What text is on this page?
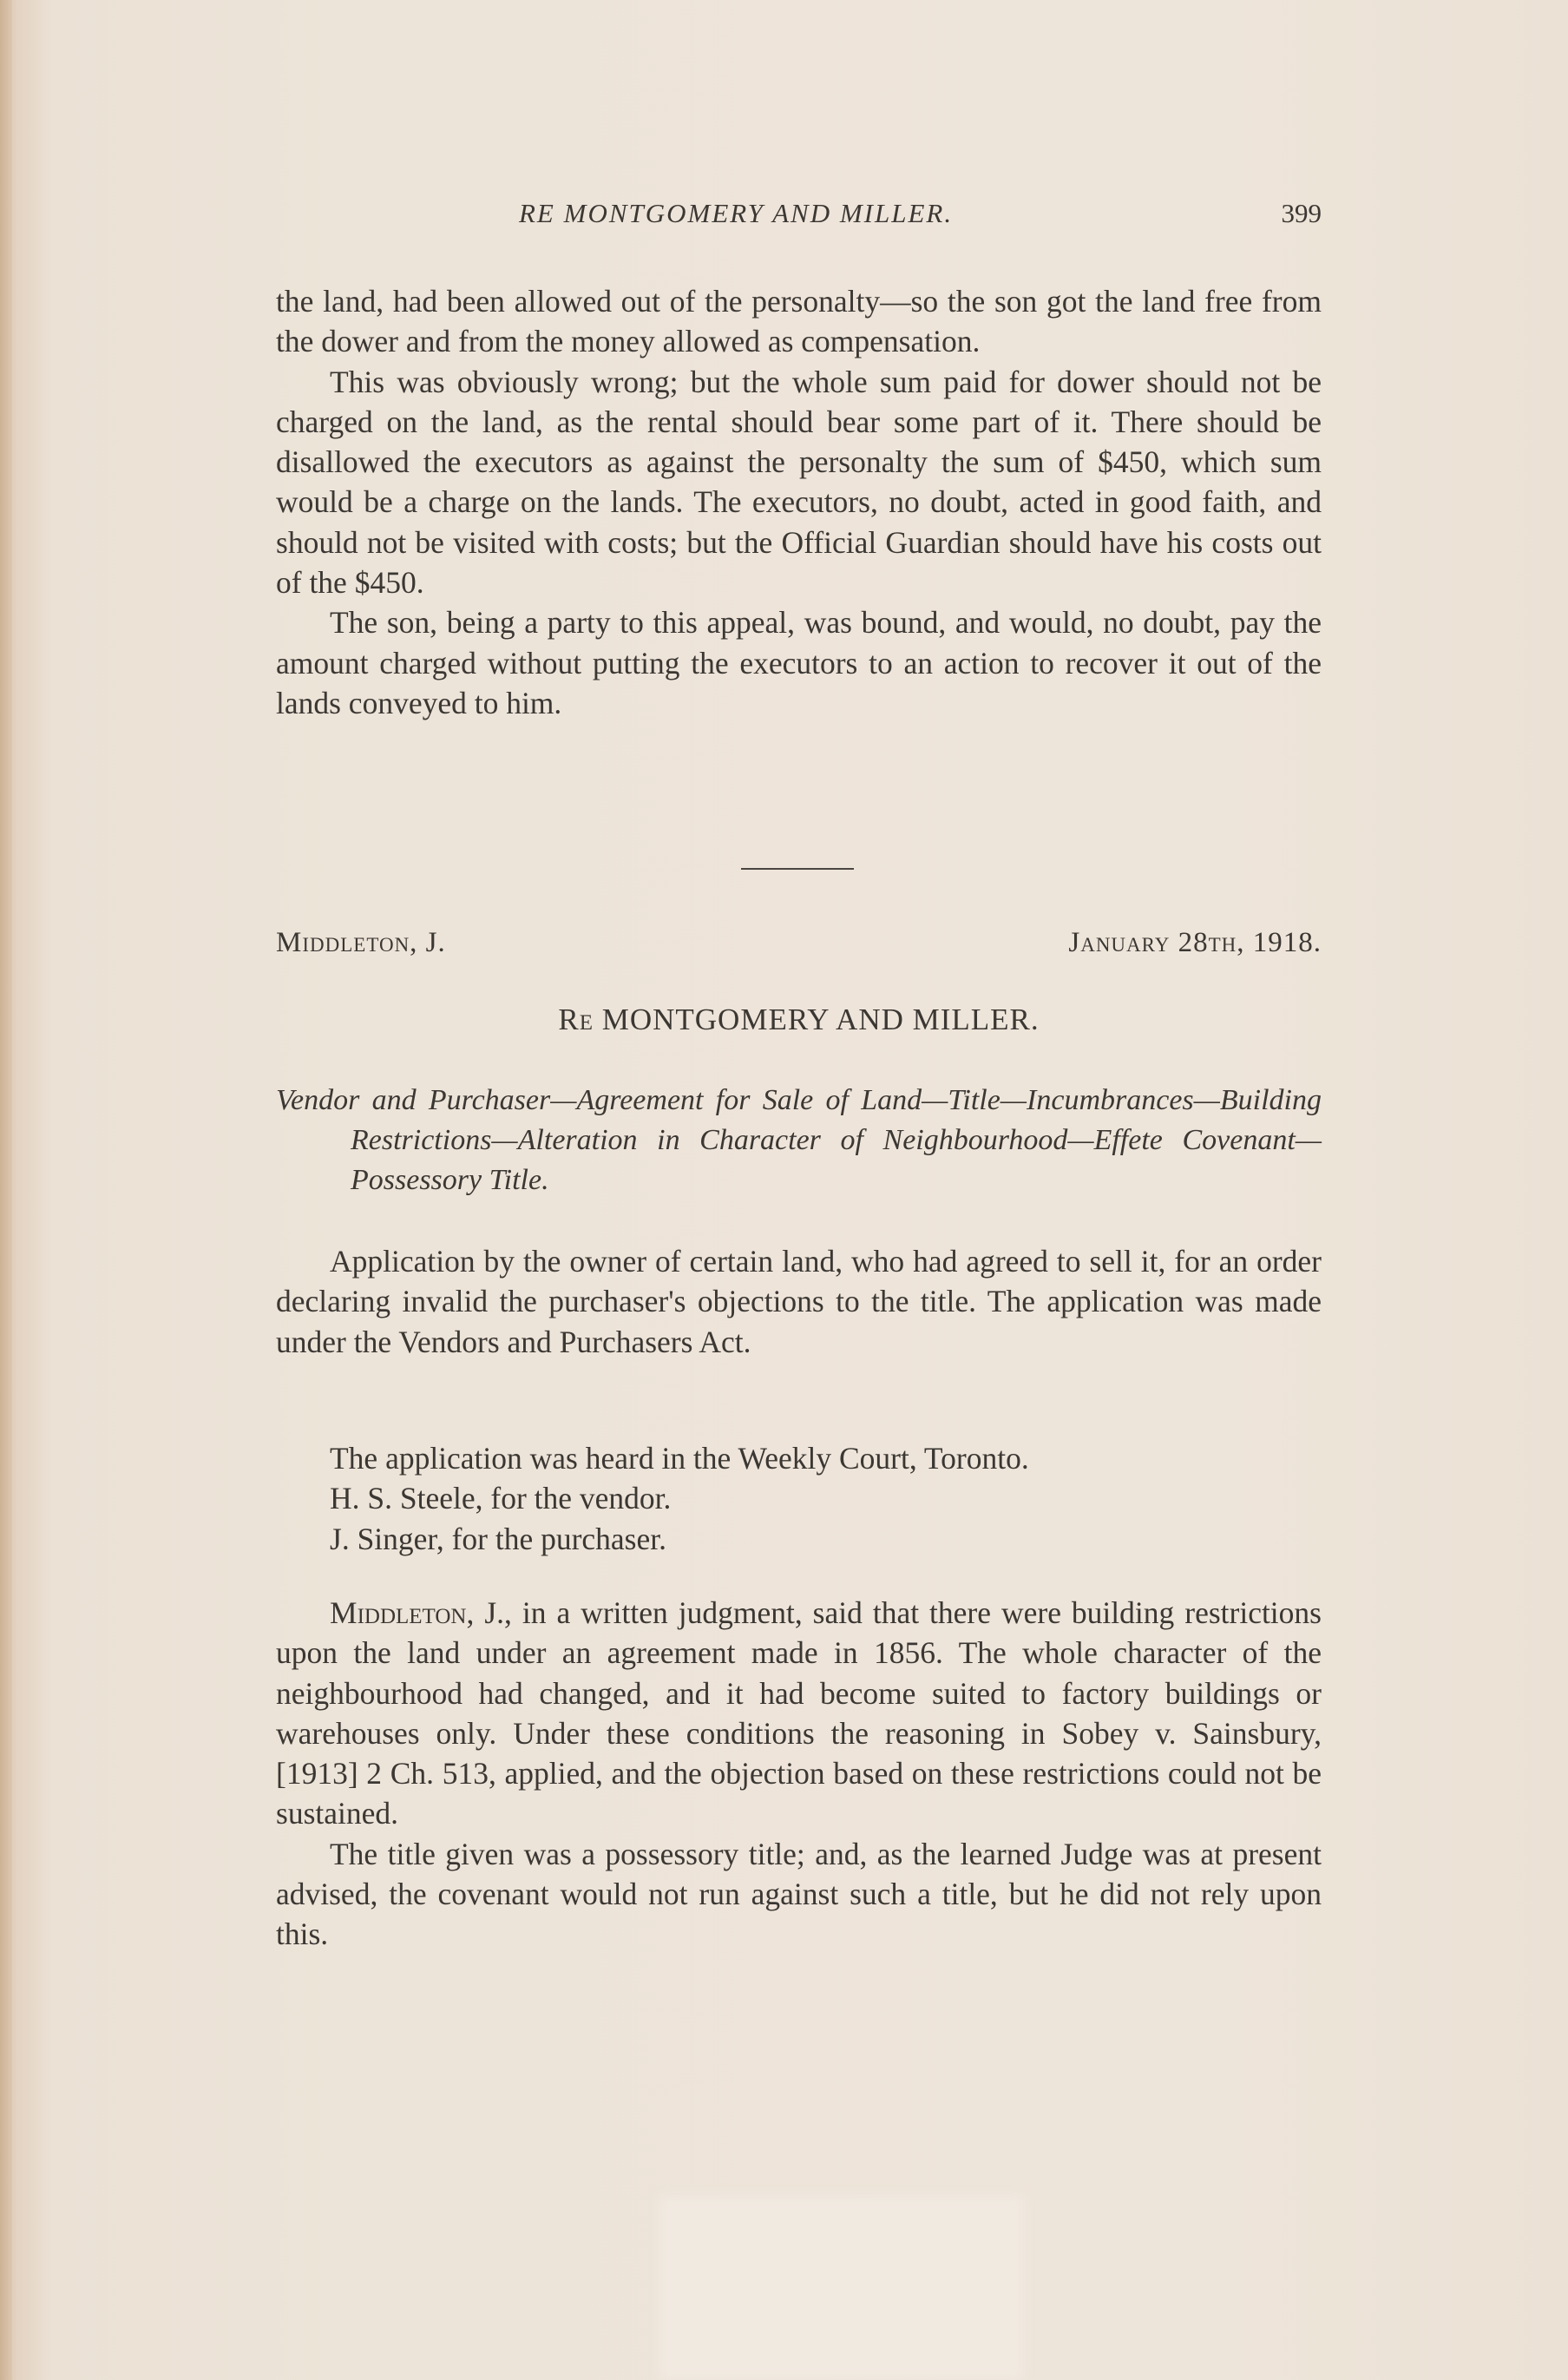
RE MONTGOMERY AND MILLER.	399

the land, had been allowed out of the personalty—so the son got the land free from the dower and from the money allowed as compensation.

This was obviously wrong; but the whole sum paid for dower should not be charged on the land, as the rental should bear some part of it. There should be disallowed the executors as against the personalty the sum of $450, which sum would be a charge on the lands. The executors, no doubt, acted in good faith, and should not be visited with costs; but the Official Guardian should have his costs out of the $450.

The son, being a party to this appeal, was bound, and would, no doubt, pay the amount charged without putting the executors to an action to recover it out of the lands conveyed to him.

Middleton, J.	January 28th, 1918.
Re MONTGOMERY AND MILLER.
Vendor and Purchaser—Agreement for Sale of Land—Title—Incumbrances—Building Restrictions—Alteration in Character of Neighbourhood—Effete Covenant—Possessory Title.

Application by the owner of certain land, who had agreed to sell it, for an order declaring invalid the purchaser's objections to the title. The application was made under the Vendors and Purchasers Act.

The application was heard in the Weekly Court, Toronto.
H. S. Steele, for the vendor.
J. Singer, for the purchaser.

Middleton, J., in a written judgment, said that there were building restrictions upon the land under an agreement made in 1856. The whole character of the neighbourhood had changed, and it had become suited to factory buildings or warehouses only. Under these conditions the reasoning in Sobey v. Sainsbury, [1913] 2 Ch. 513, applied, and the objection based on these restrictions could not be sustained.

The title given was a possessory title; and, as the learned Judge was at present advised, the covenant would not run against such a title, but he did not rely upon this.
